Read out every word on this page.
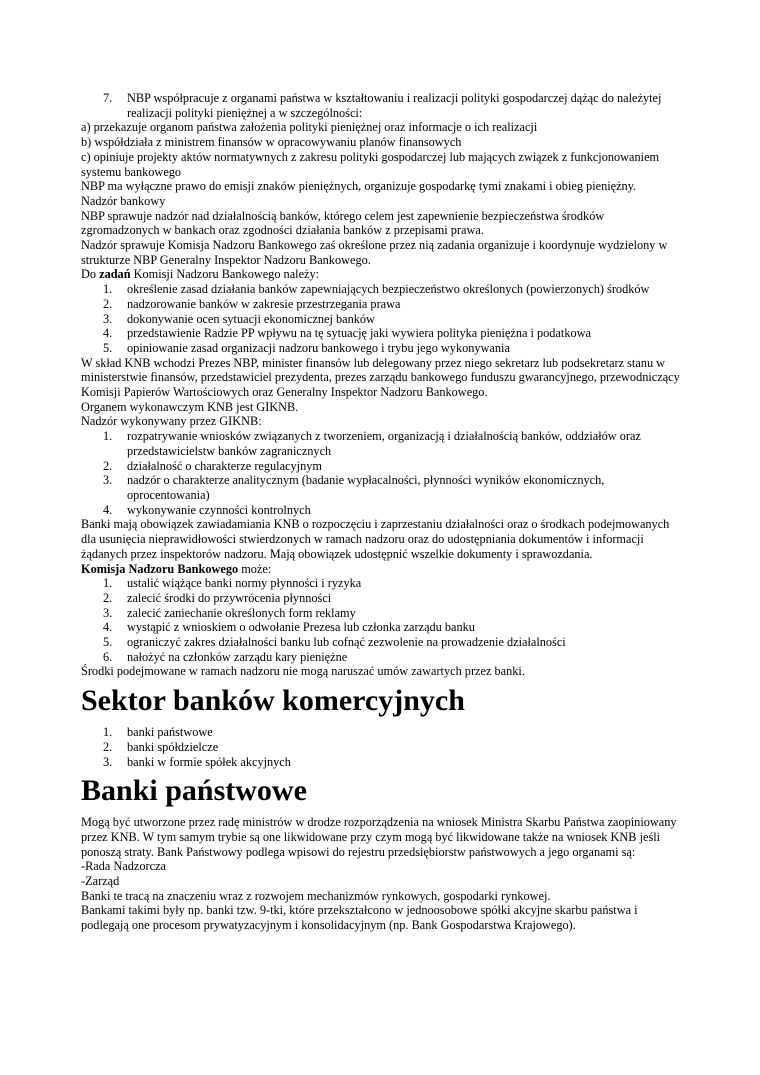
7.	NBP współpracuje z organami państwa w kształtowaniu i realizacji polityki gospodarczej dążąc do należytej realizacji polityki pieniężnej a w szczególności:

a) przekazuje organom państwa założenia polityki pieniężnej oraz informacje o ich realizacji

b) współdziała z ministrem finansów w opracowywaniu planów finansowych

c) opiniuje projekty aktów normatywnych z zakresu polityki gospodarczej lub mających związek z funkcjonowaniem systemu bankowego

NBP ma wyłączne prawo do emisji znaków pieniężnych, organizuje gospodarkę tymi znakami i obieg pieniężny.

Nadzór bankowy

NBP sprawuje nadzór nad działalnością banków, którego celem jest zapewnienie bezpieczeństwa środków zgromadzonych w bankach oraz zgodności działania banków z przepisami prawa.

Nadzór sprawuje Komisja Nadzoru Bankowego zaś określone przez nią zadania organizuje i koordynuje wydzielony w strukturze NBP Generalny Inspektor Nadzoru Bankowego.

Do zadań Komisji Nadzoru Bankowego należy:

1.	określenie zasad działania banków zapewniających bezpieczeństwo określonych (powierzonych) środków
2.	nadzorowanie banków w zakresie przestrzegania prawa
3.	dokonywanie ocen sytuacji ekonomicznej banków
4.	przedstawienie Radzie PP wpływu na tę sytuację jaki wywiera polityka pieniężna i podatkowa
5.	opiniowanie zasad organizacji nadzoru bankowego i trybu jego wykonywania

W skład KNB wchodzi Prezes NBP, minister finansów lub delegowany przez niego sekretarz lub podsekretarz stanu w ministerstwie finansów, przedstawiciel prezydenta, prezes zarządu bankowego funduszu gwarancyjnego, przewodniczący Komisji Papierów Wartościowych oraz Generalny Inspektor Nadzoru Bankowego.

Organem wykonawczym KNB jest GIKNB.

Nadzór wykonywany przez GIKNB:

1.	rozpatrywanie wniosków związanych z tworzeniem, organizacją i działalnością banków, oddziałów oraz przedstawicielstw banków zagranicznych
2.	działalność o charakterze regulacyjnym
3.	nadzór o charakterze analitycznym (badanie wypłacalności, płynności wyników ekonomicznych, oprocentowania)
4.	wykonywanie czynności kontrolnych

Banki mają obowiązek zawiadamiania KNB o rozpoczęciu i zaprzestaniu działalności oraz o środkach podejmowanych dla usunięcia nieprawidłowości stwierdzonych w ramach nadzoru oraz do udostępniania dokumentów i informacji żądanych przez inspektorów nadzoru. Mają obowiązek udostępnić wszelkie dokumenty i sprawozdania.

Komisja Nadzoru Bankowego może:

1.	ustalić wiążące banki normy płynności i ryzyka
2.	zalecić środki do przywrócenia płynności
3.	zalecić zaniechanie określonych form reklamy
4.	wystąpić z wnioskiem o odwołanie Prezesa lub członka zarządu banku
5.	ograniczyć zakres działalności banku lub cofnąć zezwolenie na prowadzenie działalności
6.	nałożyć na członków zarządu kary pieniężne

Środki podejmowane w ramach nadzoru nie mogą naruszać umów zawartych przez banki.

Sektor banków komercyjnych
1.	banki państwowe
2.	banki spółdzielcze
3.	banki w formie spółek akcyjnych
Banki państwowe

Mogą być utworzone przez radę ministrów w drodze rozporządzenia na wniosek Ministra Skarbu Państwa zaopiniowany przez KNB. W tym samym trybie są one likwidowane przy czym mogą być likwidowane także na wniosek KNB jeśli ponoszą straty. Bank Państwowy podlega wpisowi do rejestru przedsiębiorstw państwowych a jego organami są:

-Rada Nadzorcza

-Zarząd

Banki te tracą na znaczeniu wraz z rozwojem mechanizmów rynkowych, gospodarki rynkowej.

Bankami takimi były np. banki tzw. 9-tki, które przekształcono w jednoosobowe spółki akcyjne skarbu państwa i podlegają one procesom prywatyzacyjnym i konsolidacyjnym (np. Bank Gospodarstwa Krajowego).
